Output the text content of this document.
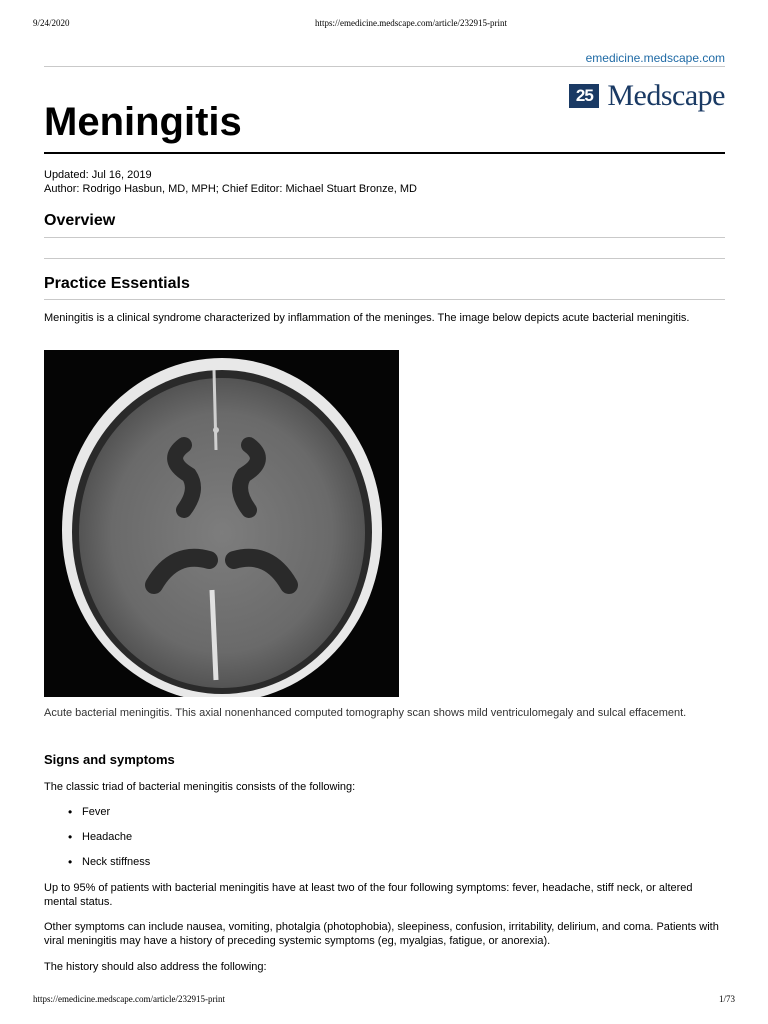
9/24/2020	https://emedicine.medscape.com/article/232915-print
emedicine.medscape.com
25 Medscape
Meningitis
Updated: Jul 16, 2019
Author: Rodrigo Hasbun, MD, MPH; Chief Editor: Michael Stuart Bronze, MD
Overview
Practice Essentials
Meningitis is a clinical syndrome characterized by inflammation of the meninges. The image below depicts acute bacterial meningitis.
Acute bacterial meningitis. This axial nonenhanced computed tomography scan shows mild ventriculomegaly and sulcal effacement.
Signs and symptoms
The classic triad of bacterial meningitis consists of the following:
• Fever
• Headache
• Neck stiffness
Up to 95% of patients with bacterial meningitis have at least two of the four following symptoms: fever, headache, stiff neck, or altered mental status.
Other symptoms can include nausea, vomiting, photalgia (photophobia), sleepiness, confusion, irritability, delirium, and coma. Patients with viral meningitis may have a history of preceding systemic symptoms (eg, myalgias, fatigue, or anorexia).
The history should also address the following:
https://emedicine.medscape.com/article/232915-print	1/73
